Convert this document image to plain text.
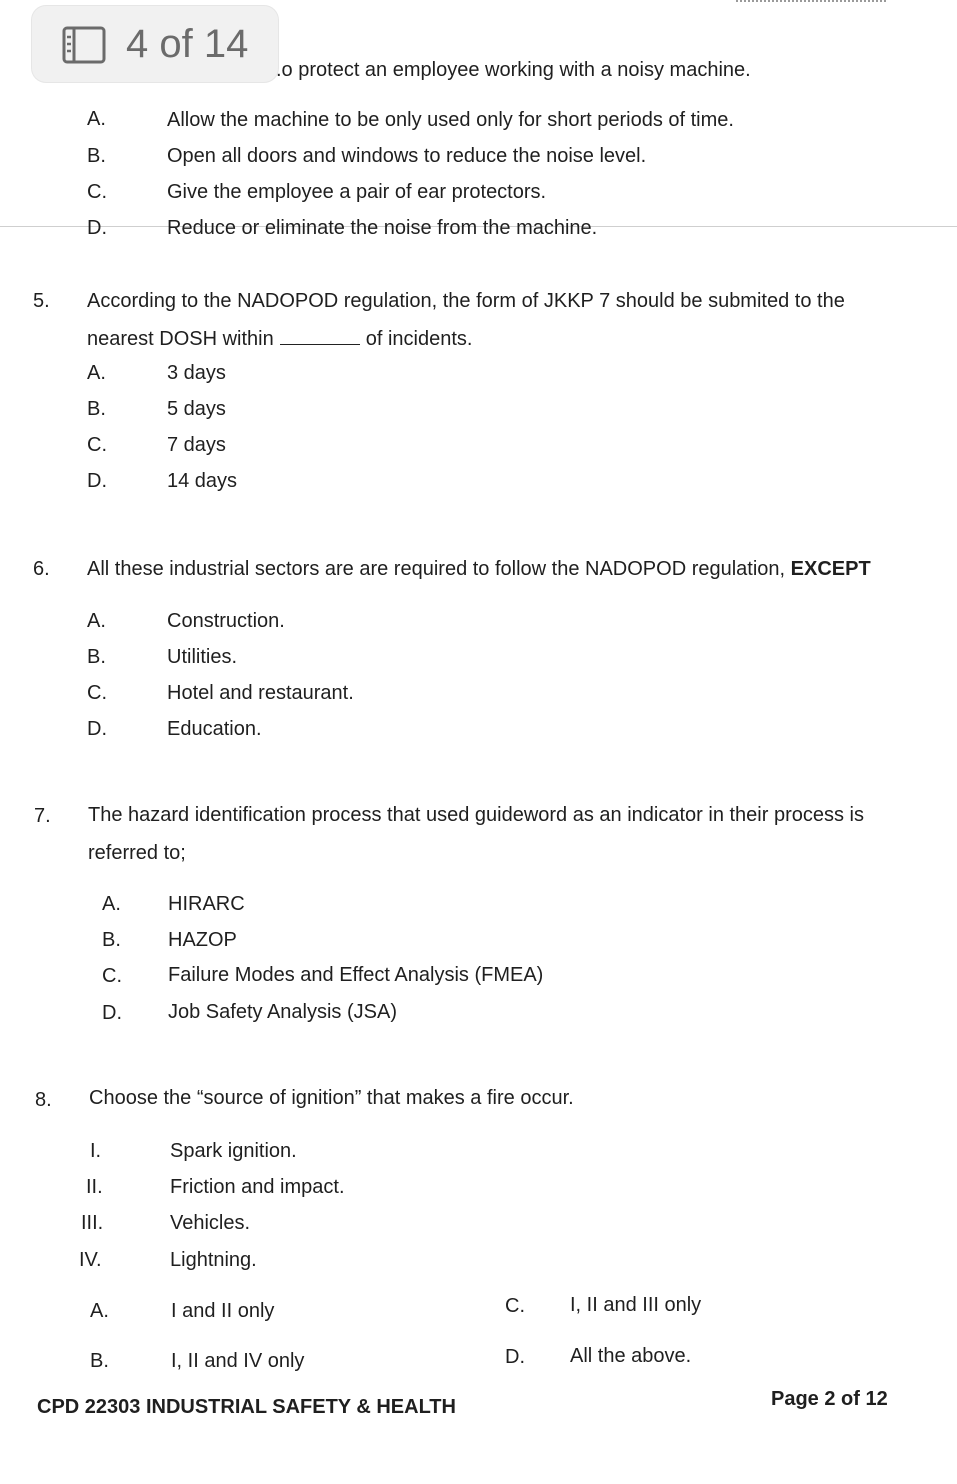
4 of 14
.o protect an employee working with a noisy machine.
A.	Allow the machine to be only used only for short periods of time.
B.	Open all doors and windows to reduce the noise level.
C.	Give the employee a pair of ear protectors.
D.	Reduce or eliminate the noise from the machine.
5. According to the NADOPOD regulation, the form of JKKP 7 should be submited to the
nearest DOSH within	of incidents.
A.	3 days
B.	5 days
C.	7 days
D.	14 days
6. All these industrial sectors are are required to follow the NADOPOD regulation, EXCEPT
A.	Construction.
B.	Utilities.
C.	Hotel and restaurant.
D.	Education.
7. The hazard identification process that used guideword as an indicator in their process is
referred to;
A. HIRARC
B. HAZOP
C. Failure Modes and Effect Analysis (FMEA)
D. Job Safety Analysis (JSA)
8. Choose the “source of ignition” that makes a fire occur.
I.	Spark ignition.
II.	Friction and impact.
III.	Vehicles.
IV.	Lightning.
A.	I and II only
B.	I, II and IV only
C. I, II and III only
D. All the above.
CPD 22303 INDUSTRIAL SAFETY & HEALTH	Page 2 of 12
